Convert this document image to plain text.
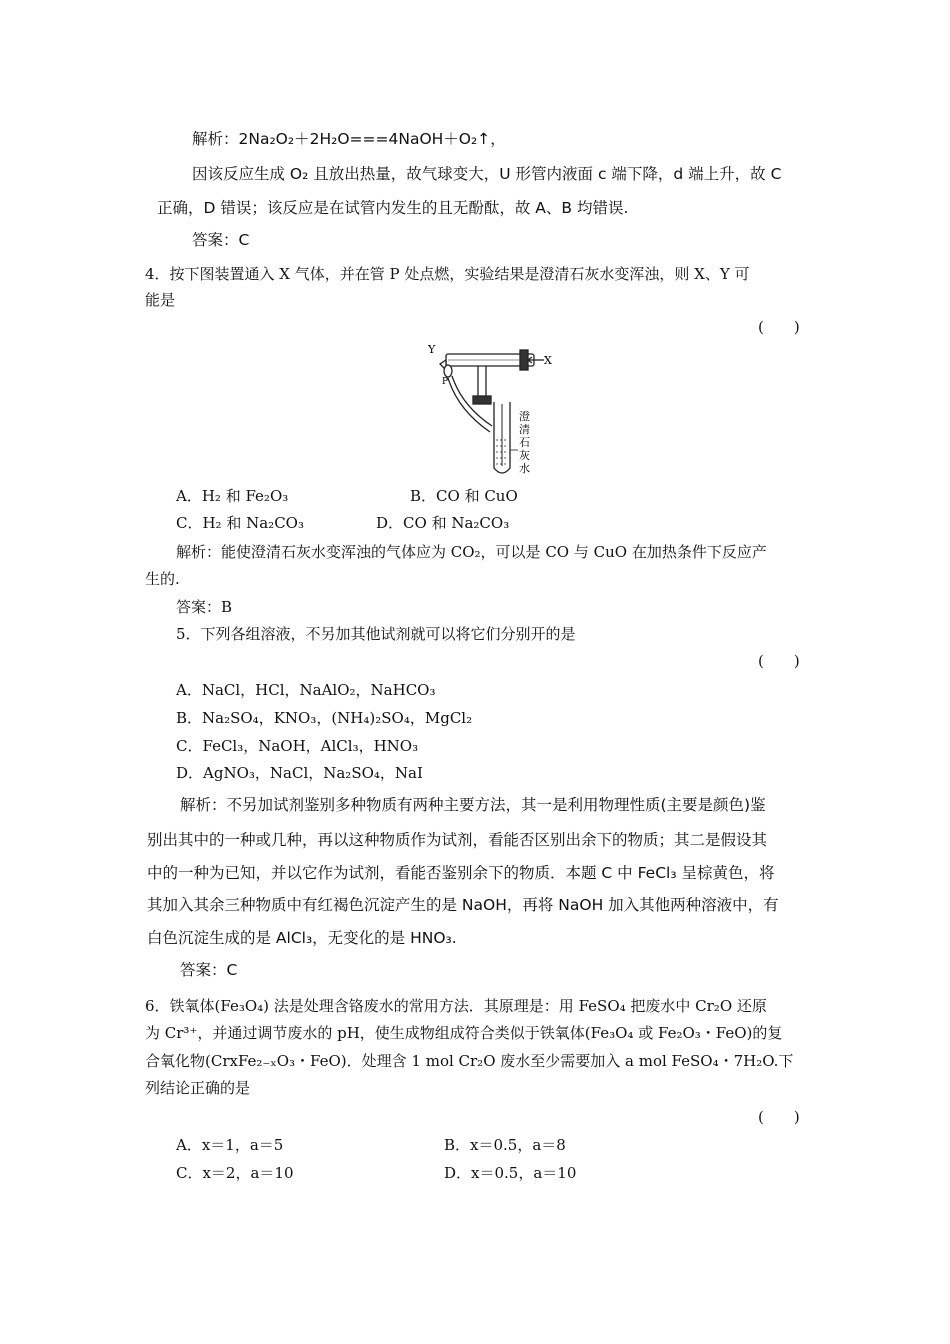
解析：2Na₂O₂＋2H₂O===4NaOH＋O₂↑，
因该反应生成 O₂ 且放出热量，故气球变大，U 形管内液面 c 端下降，d 端上升，故 C
正确，D 错误；该反应是在试管内发生的且无酚酞，故 A、B 均错误.
答案：C
4．按下图装置通入 X 气体，并在管 P 处点燃，实验结果是澄清石灰水变浑浊，则 X、Y 可
能是
(　　)
Y
X
P
澄
清
石
灰
水
A．H₂ 和 Fe₂O₃	B．CO 和 CuO
C．H₂ 和 Na₂CO₃	D．CO 和 Na₂CO₃
解析：能使澄清石灰水变浑浊的气体应为 CO₂，可以是 CO 与 CuO 在加热条件下反应产
生的.
答案：B
5．下列各组溶液，不另加其他试剂就可以将它们分别开的是
(　　)
A．NaCl，HCl，NaAlO₂，NaHCO₃
B．Na₂SO₄，KNO₃，(NH₄)₂SO₄，MgCl₂
C．FeCl₃，NaOH，AlCl₃，HNO₃
D．AgNO₃，NaCl，Na₂SO₄，NaI
解析：不另加试剂鉴别多种物质有两种主要方法，其一是利用物理性质(主要是颜色)鉴
别出其中的一种或几种，再以这种物质作为试剂，看能否区别出余下的物质；其二是假设其
中的一种为已知，并以它作为试剂，看能否鉴别余下的物质．本题 C 中 FeCl₃ 呈棕黄色，将
其加入其余三种物质中有红褐色沉淀产生的是 NaOH，再将 NaOH 加入其他两种溶液中，有
白色沉淀生成的是 AlCl₃，无变化的是 HNO₃.
答案：C
6．铁氧体(Fe₃O₄) 法是处理含铬废水的常用方法．其原理是：用 FeSO₄ 把废水中 Cr₂O 还原
为 Cr³⁺，并通过调节废水的 pH，使生成物组成符合类似于铁氧体(Fe₃O₄ 或 Fe₂O₃・FeO)的复
合氧化物(CrxFe₂₋ₓO₃・FeO)．处理含 1 mol Cr₂O 废水至少需要加入 a mol FeSO₄・7H₂O.下
列结论正确的是
(　　)
A．x＝1，a＝5	B．x＝0.5，a＝8
C．x＝2，a＝10	D．x＝0.5，a＝10
